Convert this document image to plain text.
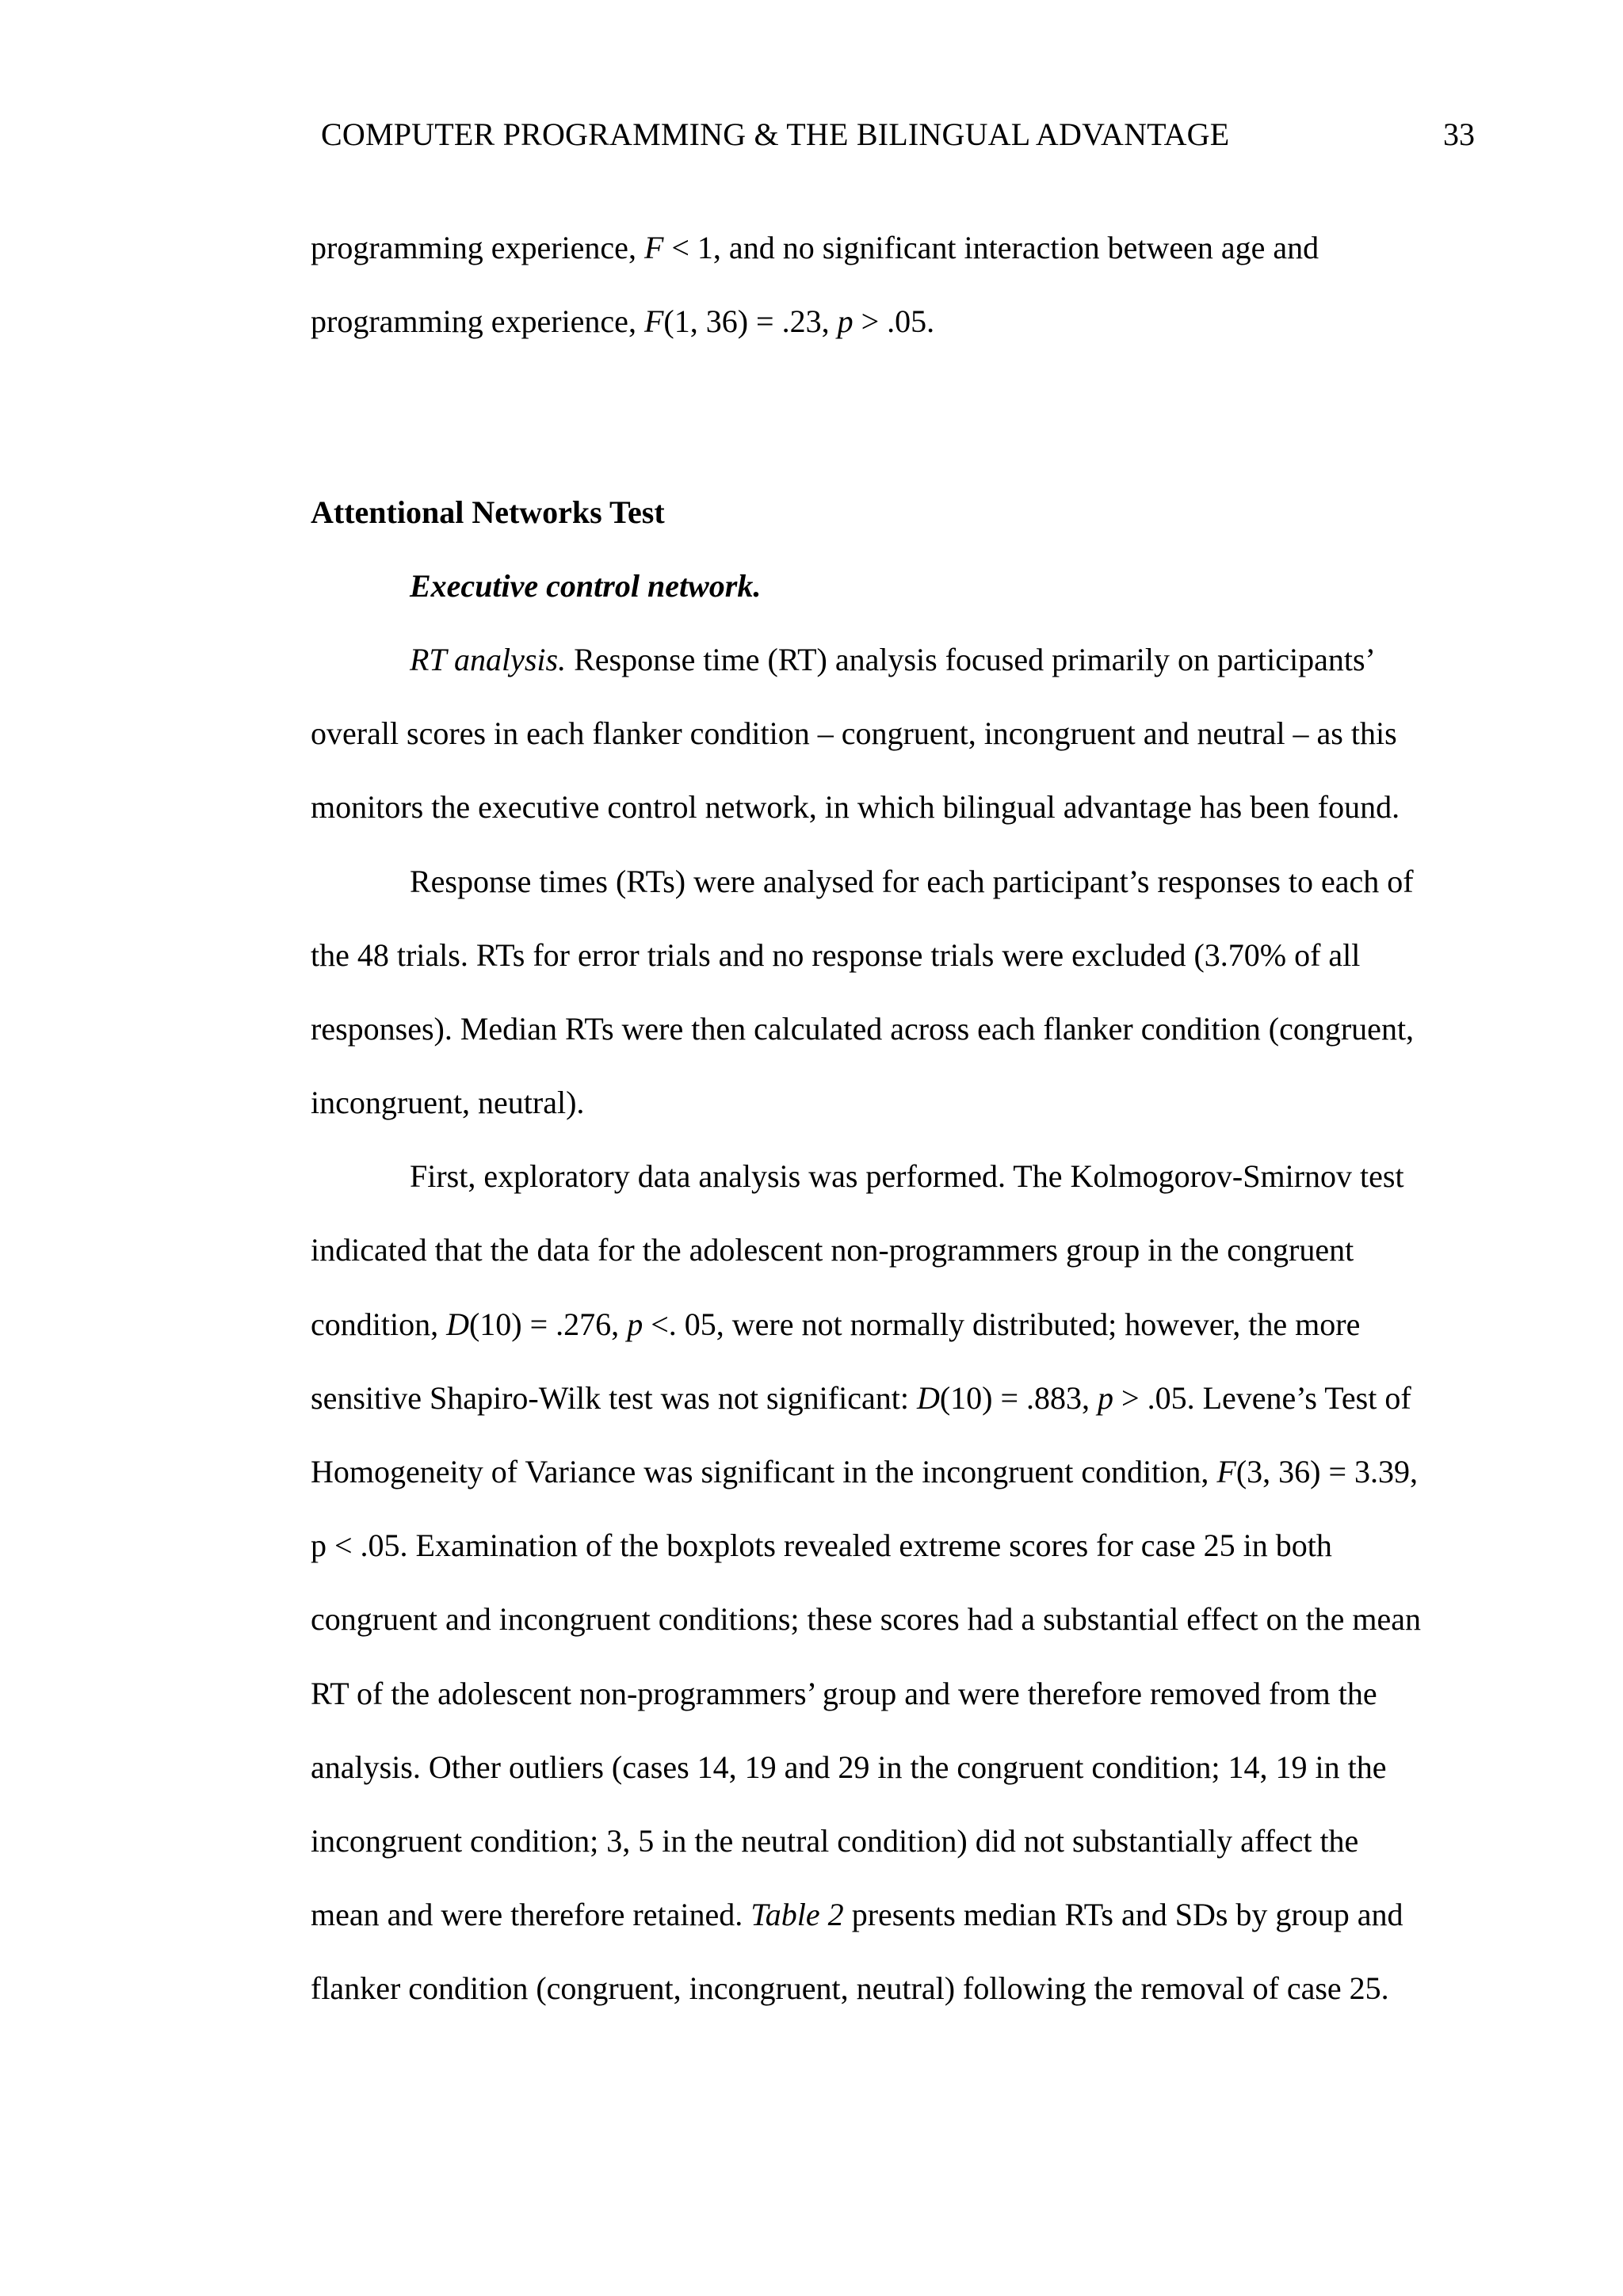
COMPUTER PROGRAMMING & THE BILINGUAL ADVANTAGE	33
programming experience, F < 1, and no significant interaction between age and
programming experience, F(1, 36) = .23, p > .05.
Attentional Networks Test
Executive control network.
RT analysis. Response time (RT) analysis focused primarily on participants’
overall scores in each flanker condition – congruent, incongruent and neutral – as this
monitors the executive control network, in which bilingual advantage has been found.
Response times (RTs) were analysed for each participant’s responses to each of
the 48 trials. RTs for error trials and no response trials were excluded (3.70% of all
responses). Median RTs were then calculated across each flanker condition (congruent,
incongruent, neutral).
First, exploratory data analysis was performed. The Kolmogorov-Smirnov test
indicated that the data for the adolescent non-programmers group in the congruent
condition, D(10) = .276, p <. 05, were not normally distributed; however, the more
sensitive Shapiro-Wilk test was not significant: D(10) = .883, p > .05. Levene’s Test of
Homogeneity of Variance was significant in the incongruent condition, F(3, 36) = 3.39,
p < .05. Examination of the boxplots revealed extreme scores for case 25 in both
congruent and incongruent conditions; these scores had a substantial effect on the mean
RT of the adolescent non-programmers’ group and were therefore removed from the
analysis. Other outliers (cases 14, 19 and 29 in the congruent condition; 14, 19 in the
incongruent condition; 3, 5 in the neutral condition) did not substantially affect the
mean and were therefore retained. Table 2 presents median RTs and SDs by group and
flanker condition (congruent, incongruent, neutral) following the removal of case 25.
